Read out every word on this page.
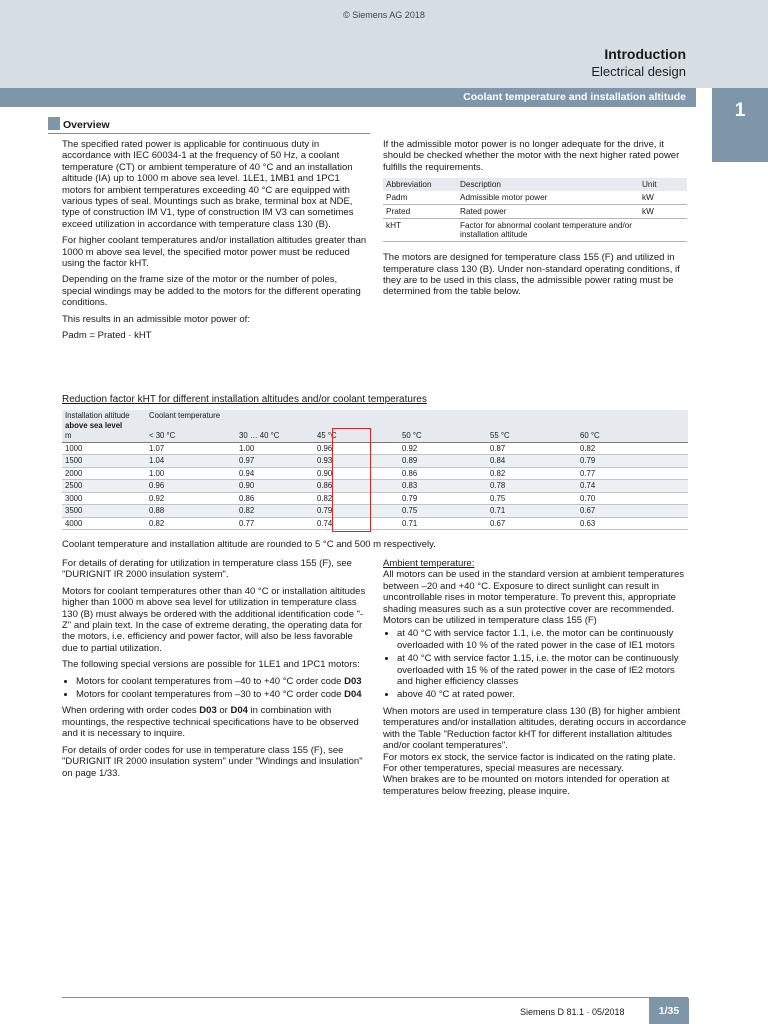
© Siemens AG 2018
Introduction
Electrical design
Coolant temperature and installation altitude
1
Overview

The specified rated power is applicable for continuous duty in accordance with IEC 60034-1 at the frequency of 50 Hz, a coolant temperature (CT) or ambient temperature of 40 °C and an installation altitude (IA) up to 1000 m above sea level. 1LE1, 1MB1 and 1PC1 motors for ambient temperatures exceeding 40 °C are equipped with various types of seal. Mountings such as brake, terminal box at NDE, type of construction IM V1, type of construction IM V3 can sometimes exceed utilization in accordance with temperature class 130 (B).

For higher coolant temperatures and/or installation altitudes greater than 1000 m above sea level, the specified motor power must be reduced using the factor kHT.

Depending on the frame size of the motor or the number of poles, special windings may be added to the motors for the different operating conditions.

This results in an admissible motor power of:

Padm = Prated · kHT

If the admissible motor power is no longer adequate for the drive, it should be checked whether the motor with the next higher rated power fulfills the requirements.

Abbreviation	Description	Unit
Padm	Admissible motor power	kW
Prated	Rated power	kW
kHT	Factor for abnormal coolant temperature and/or installation altitude	

The motors are designed for temperature class 155 (F) and utilized in temperature class 130 (B). Under non-standard operating conditions, if they are to be used in this class, the admissible power rating must be determined from the table below.

Reduction factor kHT for different installation altitudes and/or coolant temperatures
Installation altitude	Coolant temperature					
above sea level						
m	< 30 °C	30 … 40 °C	45 °C	50 °C	55 °C	60 °C
1000	1.07	1.00	0.96	0.92	0.87	0.82
1500	1.04	0.97	0.93	0.89	0.84	0.79
2000	1.00	0.94	0.90	0.86	0.82	0.77
2500	0.96	0.90	0.86	0.83	0.78	0.74
3000	0.92	0.86	0.82	0.79	0.75	0.70
3500	0.88	0.82	0.79	0.75	0.71	0.67
4000	0.82	0.77	0.74	0.71	0.67	0.63
Coolant temperature and installation altitude are rounded to 5 °C and 500 m respectively.

For details of derating for utilization in temperature class 155 (F), see "DURIGNIT IR 2000 insulation system".

Motors for coolant temperatures other than 40 °C or installation altitudes higher than 1000 m above sea level for utilization in temperature class 130 (B) must always be ordered with the additional identification code "-Z" and plain text. In the case of extreme derating, the operating data for the motors, i.e. efficiency and power factor, will also be less favorable due to partial utilization.

The following special versions are possible for 1LE1 and 1PC1 motors:

• Motors for coolant temperatures from –40 to +40 °C order code D03
• Motors for coolant temperatures from –30 to +40 °C order code D04

When ordering with order codes D03 or D04 in combination with mountings, the respective technical specifications have to be observed and it is necessary to inquire.

For details of order codes for use in temperature class 155 (F), see "DURIGNIT IR 2000 insulation system" under "Windings and insulation" on page 1/33.

Ambient temperature:

All motors can be used in the standard version at ambient temperatures between –20 and +40 °C. Exposure to direct sunlight can result in uncontrollable rises in motor temperature. To prevent this, appropriate shading measures such as a sun protective cover are recommended.

Motors can be utilized in temperature class 155 (F)

• at 40 °C with service factor 1.1, i.e. the motor can be continuously overloaded with 10 % of the rated power in the case of IE1 motors
• at 40 °C with service factor 1.15, i.e. the motor can be continuously overloaded with 15 % of the rated power in the case of IE2 motors and higher efficiency classes
• above 40 °C at rated power.

When motors are used in temperature class 130 (B) for higher ambient temperatures and/or installation altitudes, derating occurs in accordance with the Table "Reduction factor kHT for different installation altitudes and/or coolant temperatures".

For motors ex stock, the service factor is indicated on the rating plate.

For other temperatures, special measures are necessary.

When brakes are to be mounted on motors intended for operation at temperatures below freezing, please inquire.

Siemens D 81.1 · 05/2018	1/35
